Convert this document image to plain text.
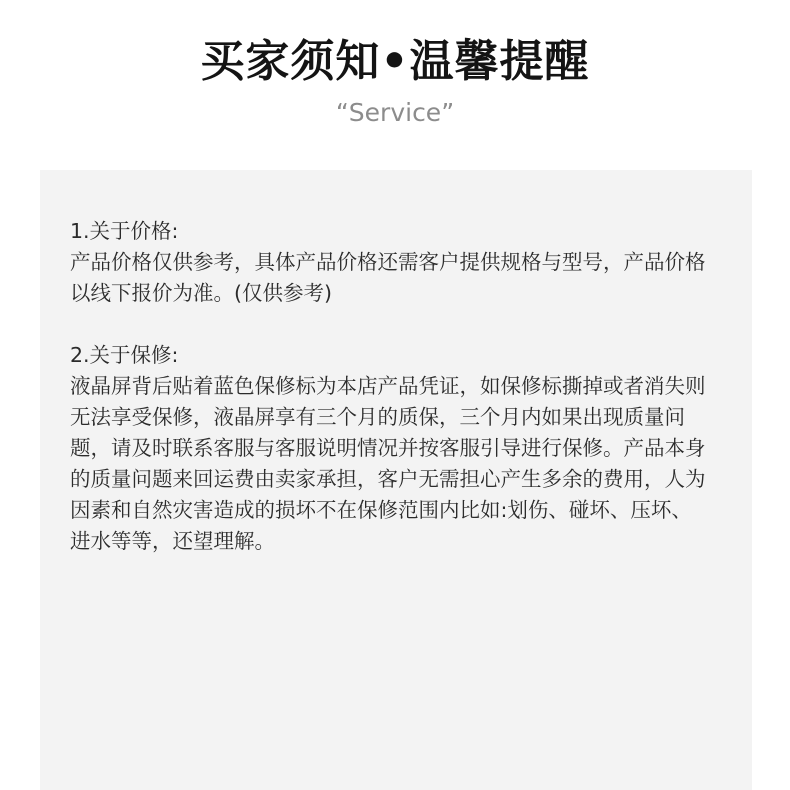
买家须知•温馨提醒
“Service”

1.关于价格:

产品价格仅供参考，具体产品价格还需客户提供规格与型号，产品价格以线下报价为准。(仅供参考)

2.关于保修:

液晶屏背后贴着蓝色保修标为本店产品凭证，如保修标撕掉或者消失则无法享受保修，液晶屏享有三个月的质保，三个月内如果出现质量问题，请及时联系客服与客服说明情况并按客服引导进行保修。产品本身的质量问题来回运费由卖家承担，客户无需担心产生多余的费用，人为因素和自然灾害造成的损坏不在保修范围内比如:划伤、碰坏、压坏、进水等等，还望理解。
